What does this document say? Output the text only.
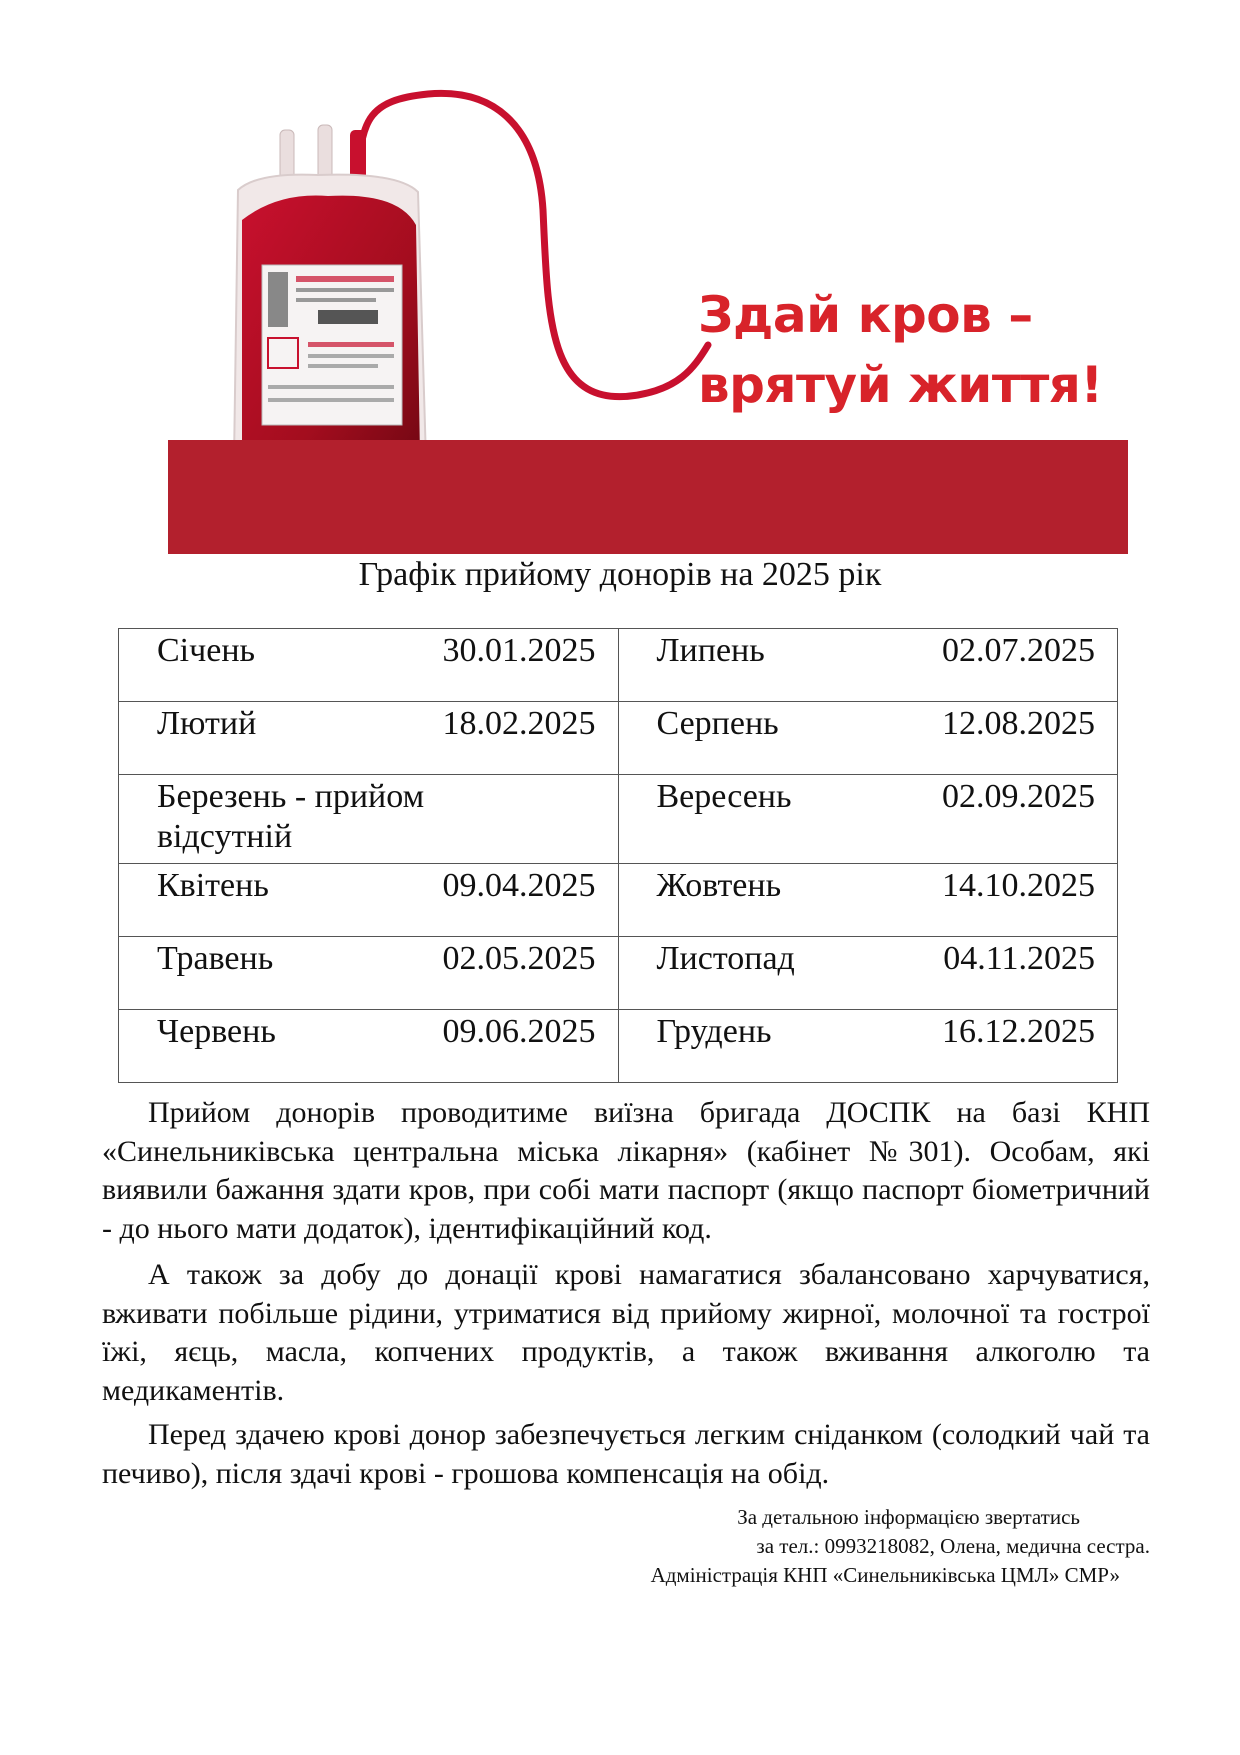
Здай кров –
врятуй життя!
Графік прийому донорів на 2025 рік
Січень 30.01.2025	Липень 02.07.2025

Лютий 18.02.2025	Серпень 12.08.2025

Березень - прийом відсутній	Вересень 02.09.2025

Квітень 09.04.2025	Жовтень 14.10.2025

Травень 02.05.2025	Листопад 04.11.2025

Червень 09.06.2025	Грудень 16.12.2025

Прийом донорів проводитиме виїзна бригада ДОСПК на базі КНП «Синельниківська центральна міська лікарня» (кабінет №301). Особам, які виявили бажання здати кров, при собі мати паспорт (якщо паспорт біометричний - до нього мати додаток), ідентифікаційний код.

А також за добу до донації крові намагатися збалансовано харчуватися, вживати побільше рідини, утриматися від прийому жирної, молочної та гострої їжі, яєць, масла, копчених продуктів, а також вживання алкоголю та медикаментів.

Перед здачею крові донор забезпечується легким сніданком (солодкий чай та печиво), після здачі крові - грошова компенсація на обід.

За детальною інформацією звертатись
за тел.: 0993218082, Олена, медична сестра.
Адміністрація КНП «Синельниківська ЦМЛ» СМР»
